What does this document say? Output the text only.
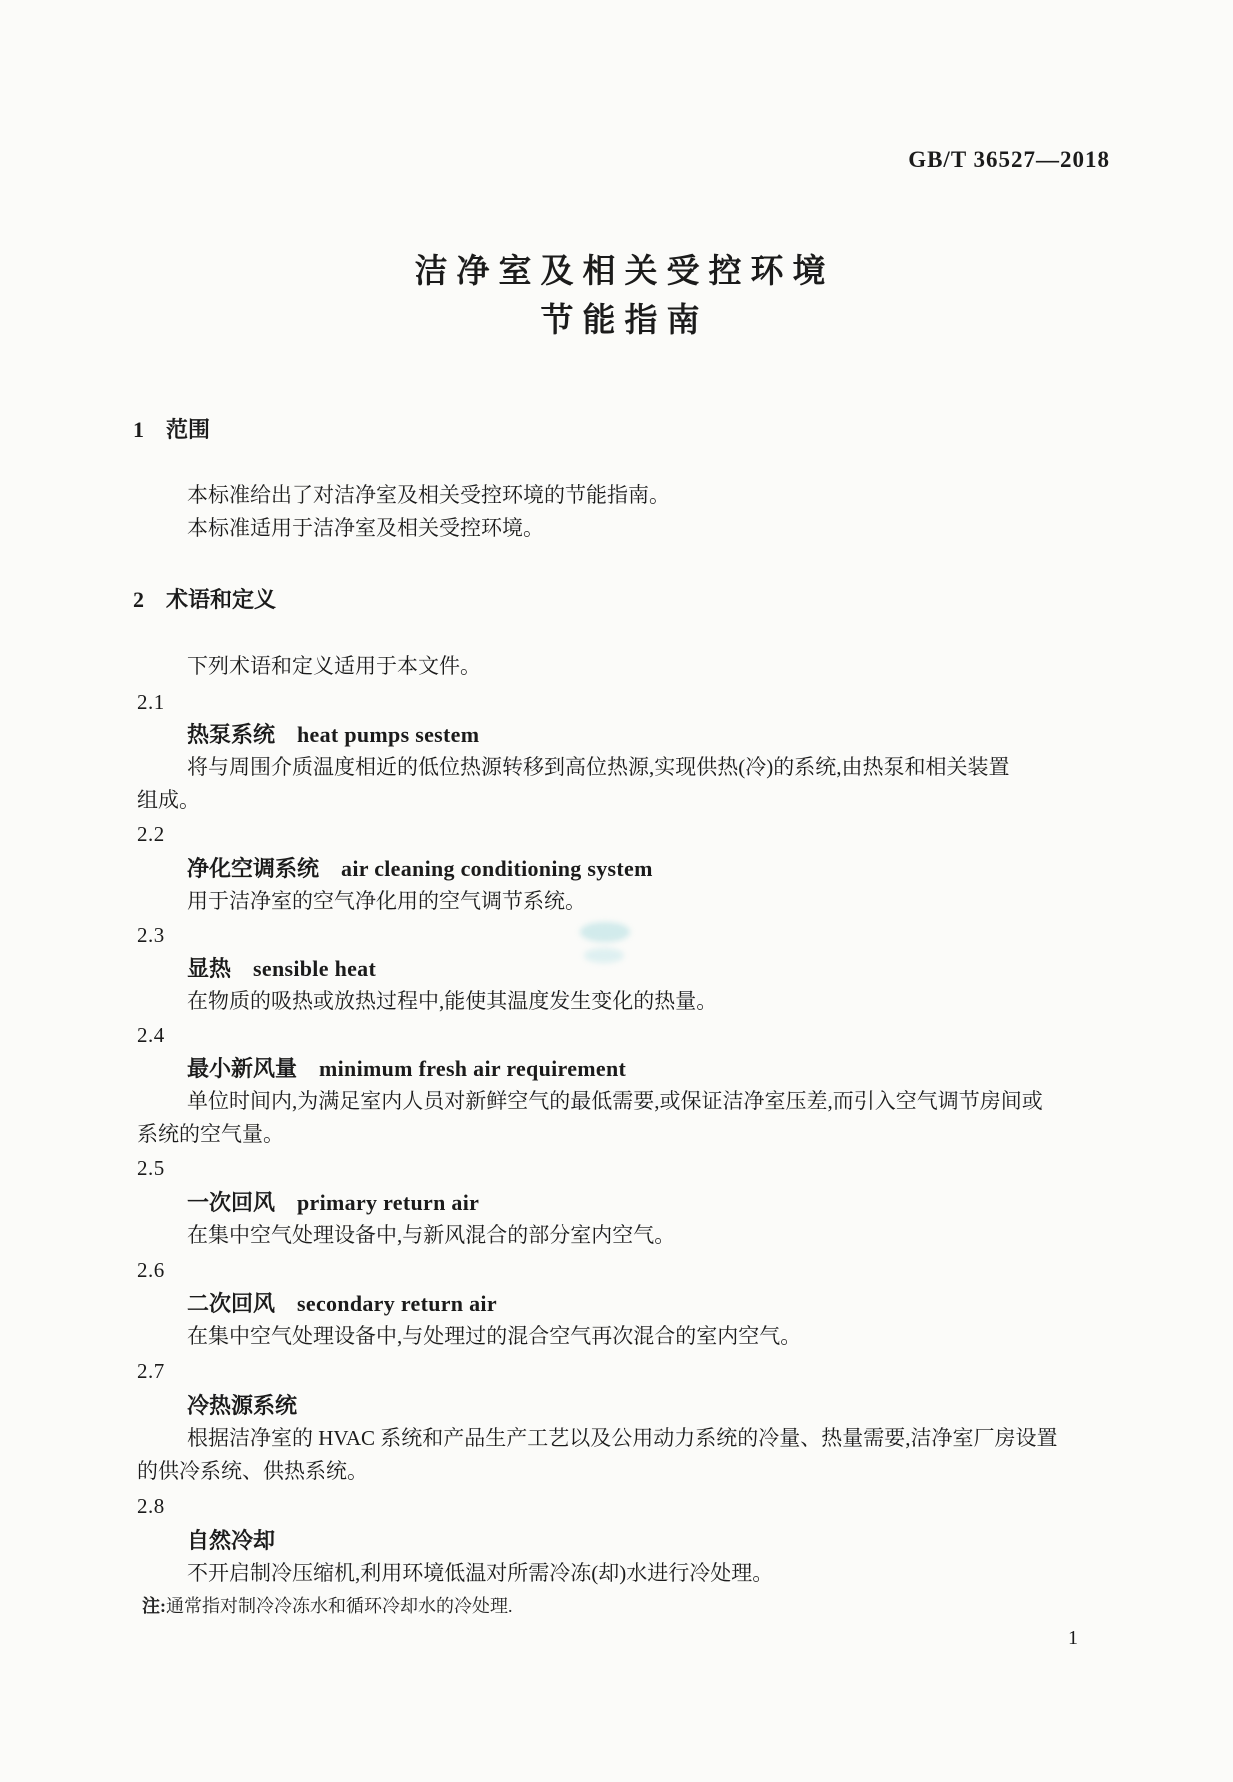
GB/T 36527—2018
洁净室及相关受控环境
节能指南
1 范围
本标准给出了对洁净室及相关受控环境的节能指南。
本标准适用于洁净室及相关受控环境。
2 术语和定义
下列术语和定义适用于本文件。
2.1
热泵系统 heat pumps sestem
将与周围介质温度相近的低位热源转移到高位热源,实现供热(冷)的系统,由热泵和相关装置
组成。
2.2
净化空调系统 air cleaning conditioning system
用于洁净室的空气净化用的空气调节系统。
2.3
显热 sensible heat
在物质的吸热或放热过程中,能使其温度发生变化的热量。
2.4
最小新风量 minimum fresh air requirement
单位时间内,为满足室内人员对新鲜空气的最低需要,或保证洁净室压差,而引入空气调节房间或
系统的空气量。
2.5
一次回风 primary return air
在集中空气处理设备中,与新风混合的部分室内空气。
2.6
二次回风 secondary return air
在集中空气处理设备中,与处理过的混合空气再次混合的室内空气。
2.7
冷热源系统
根据洁净室的 HVAC 系统和产品生产工艺以及公用动力系统的冷量、热量需要,洁净室厂房设置
的供冷系统、供热系统。
2.8
自然冷却
不开启制冷压缩机,利用环境低温对所需冷冻(却)水进行冷处理。
注:通常指对制冷冷冻水和循环冷却水的冷处理.
1
